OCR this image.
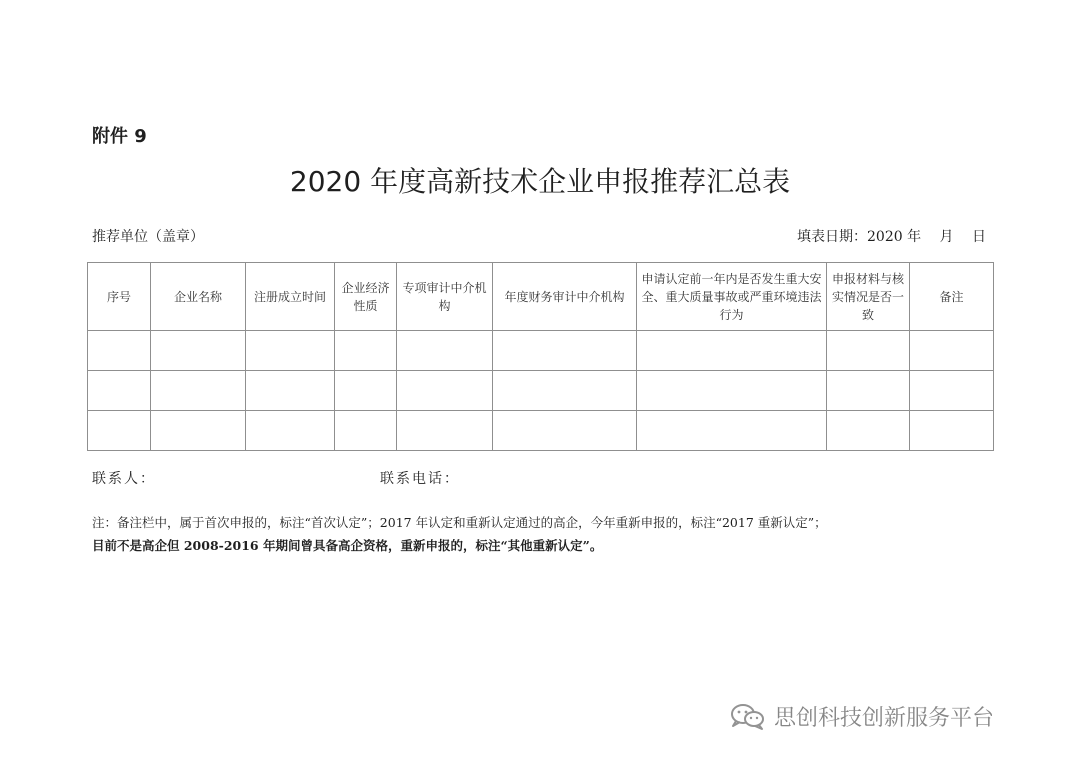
附件 9
2020 年度高新技术企业申报推荐汇总表
推荐单位（盖章）	填表日期：2020 年　 月　 日
序号	企业名称	注册成立时间	企业经济性质	专项审计中介机构	年度财务审计中介机构	申请认定前一年内是否发生重大安全、重大质量事故或严重环境违法行为	申报材料与核实情况是否一致	备注

联系人：	联系电话：
注：备注栏中，属于首次申报的，标注“首次认定”；2017 年认定和重新认定通过的高企，今年重新申报的，标注“2017 重新认定”；
目前不是高企但 2008-2016 年期间曾具备高企资格，重新申报的，标注“其他重新认定”。
思创科技创新服务平台
